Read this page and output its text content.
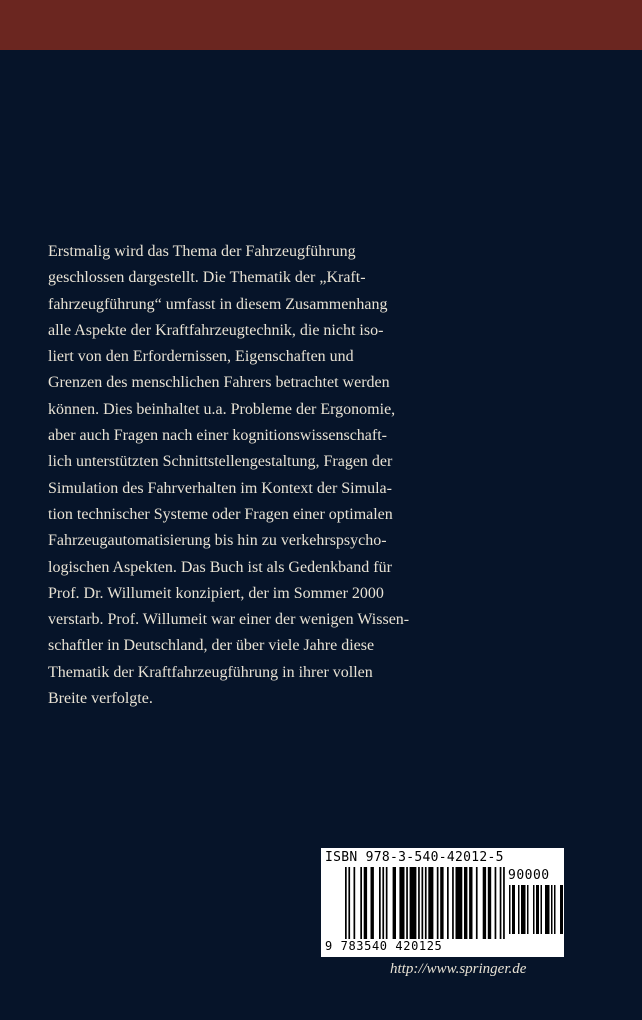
Erstmalig wird das Thema der Fahrzeugführung
geschlossen dargestellt. Die Thematik der „Kraft-
fahrzeugführung“ umfasst in diesem Zusammenhang
alle Aspekte der Kraftfahrzeugtechnik, die nicht iso-
liert von den Erfordernissen, Eigenschaften und
Grenzen des menschlichen Fahrers betrachtet werden
können. Dies beinhaltet u.a. Probleme der Ergonomie,
aber auch Fragen nach einer kognitionswissenschaft-
lich unterstützten Schnittstellengestaltung, Fragen der
Simulation des Fahrverhalten im Kontext der Simula-
tion technischer Systeme oder Fragen einer optimalen
Fahrzeugautomatisierung bis hin zu verkehrspsycho-
logischen Aspekten. Das Buch ist als Gedenkband für
Prof. Dr. Willumeit konzipiert, der im Sommer 2000
verstarb. Prof. Willumeit war einer der wenigen Wissen-
schaftler in Deutschland, der über viele Jahre diese
Thematik der Kraftfahrzeugführung in ihrer vollen
Breite verfolgte.
ISBN 978-3-540-42012-5
90000
9 783540 420125
http://www.springer.de
